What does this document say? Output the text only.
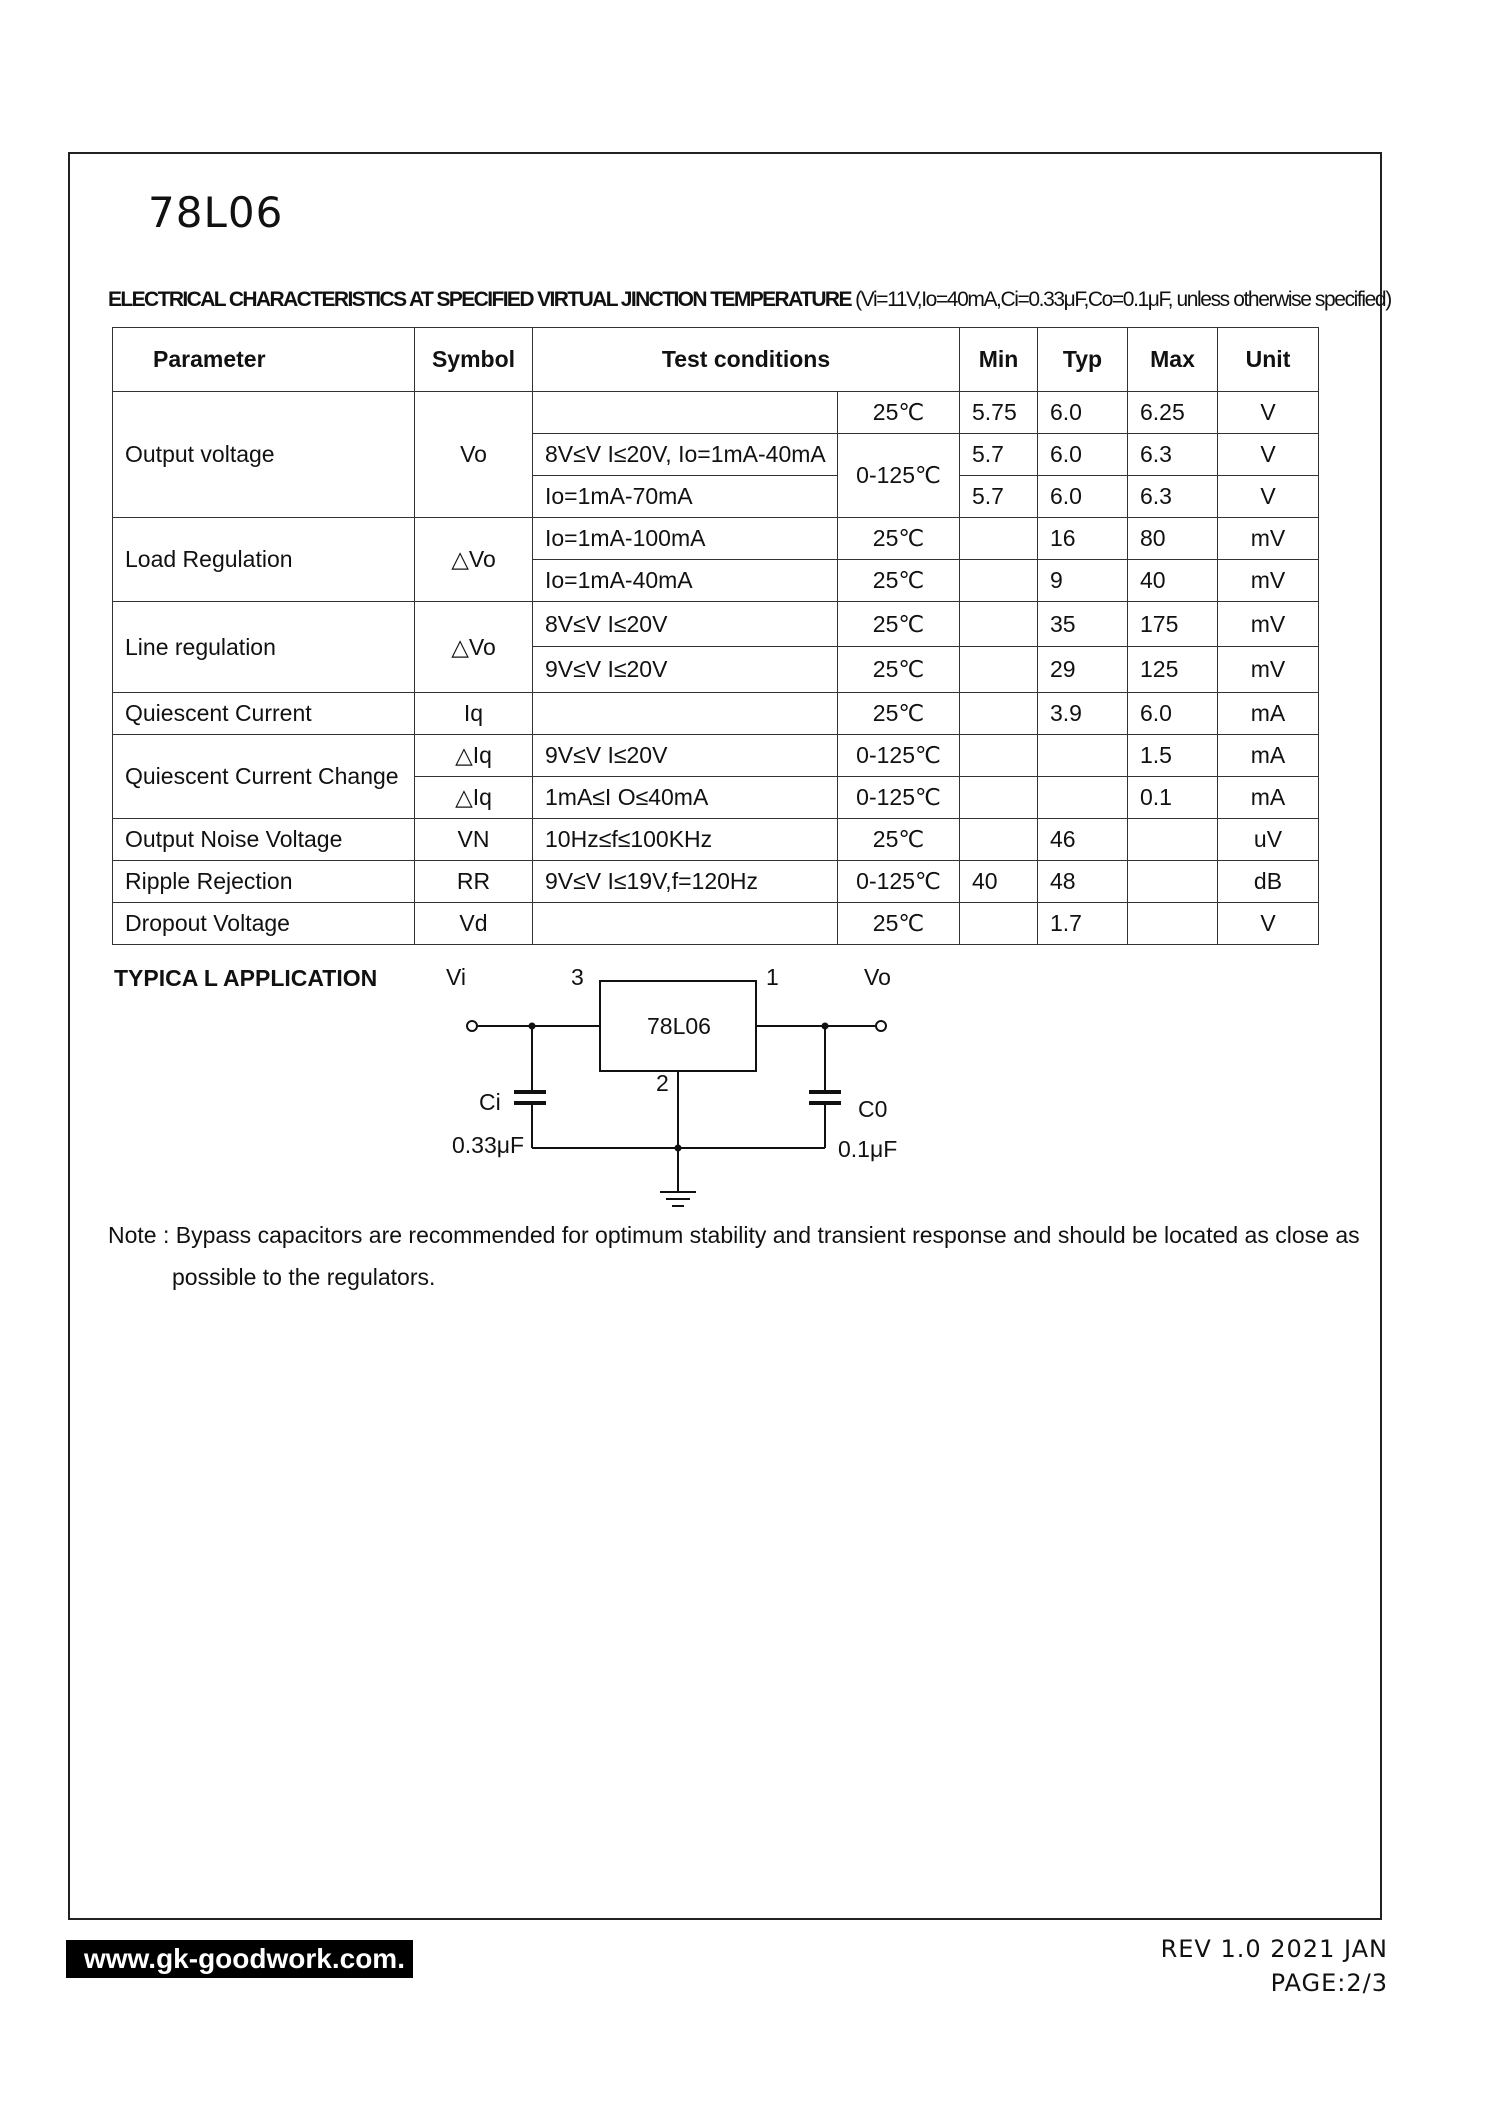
78L06
ELECTRICAL CHARACTERISTICS AT SPECIFIED VIRTUAL JINCTION TEMPERATURE (Vi=11V,Io=40mA,Ci=0.33μF,Co=0.1μF, unless otherwise specified)
Parameter	Symbol	Test conditions		Min	Typ	Max	Unit
Output voltage	Vo		25℃	5.75	6.0	6.25	V
		8V≤V I≤20V, Io=1mA-40mA	0-125℃	5.7	6.0	6.3	V
		Io=1mA-70mA		5.7	6.0	6.3	V
Load Regulation	△Vo	Io=1mA-100mA	25℃		16	80	mV
		Io=1mA-40mA	25℃		9	40	mV
Line regulation	△Vo	8V≤V I≤20V	25℃		35	175	mV
		9V≤V I≤20V	25℃		29	125	mV
Quiescent Current	Iq		25℃		3.9	6.0	mA
Quiescent Current Change	△Iq	9V≤V I≤20V	0-125℃			1.5	mA
	△Iq	1mA≤I O≤40mA	0-125℃			0.1	mA
Output Noise Voltage	VN	10Hz≤f≤100KHz	25℃		46		uV
Ripple Rejection	RR	9V≤V I≤19V,f=120Hz	0-125℃	40	48		dB
Dropout Voltage	Vd		25℃		1.7		V
TYPICA L APPLICATION	Vi	3	1	Vo
78L06
2
Ci
0.33μF
C0
0.1μF
Note : Bypass capacitors are recommended for optimum stability and transient response and should be located as close as
possible to the regulators.
www.gk-goodwork.com.	REV 1.0 2021 JAN
PAGE:2/3
